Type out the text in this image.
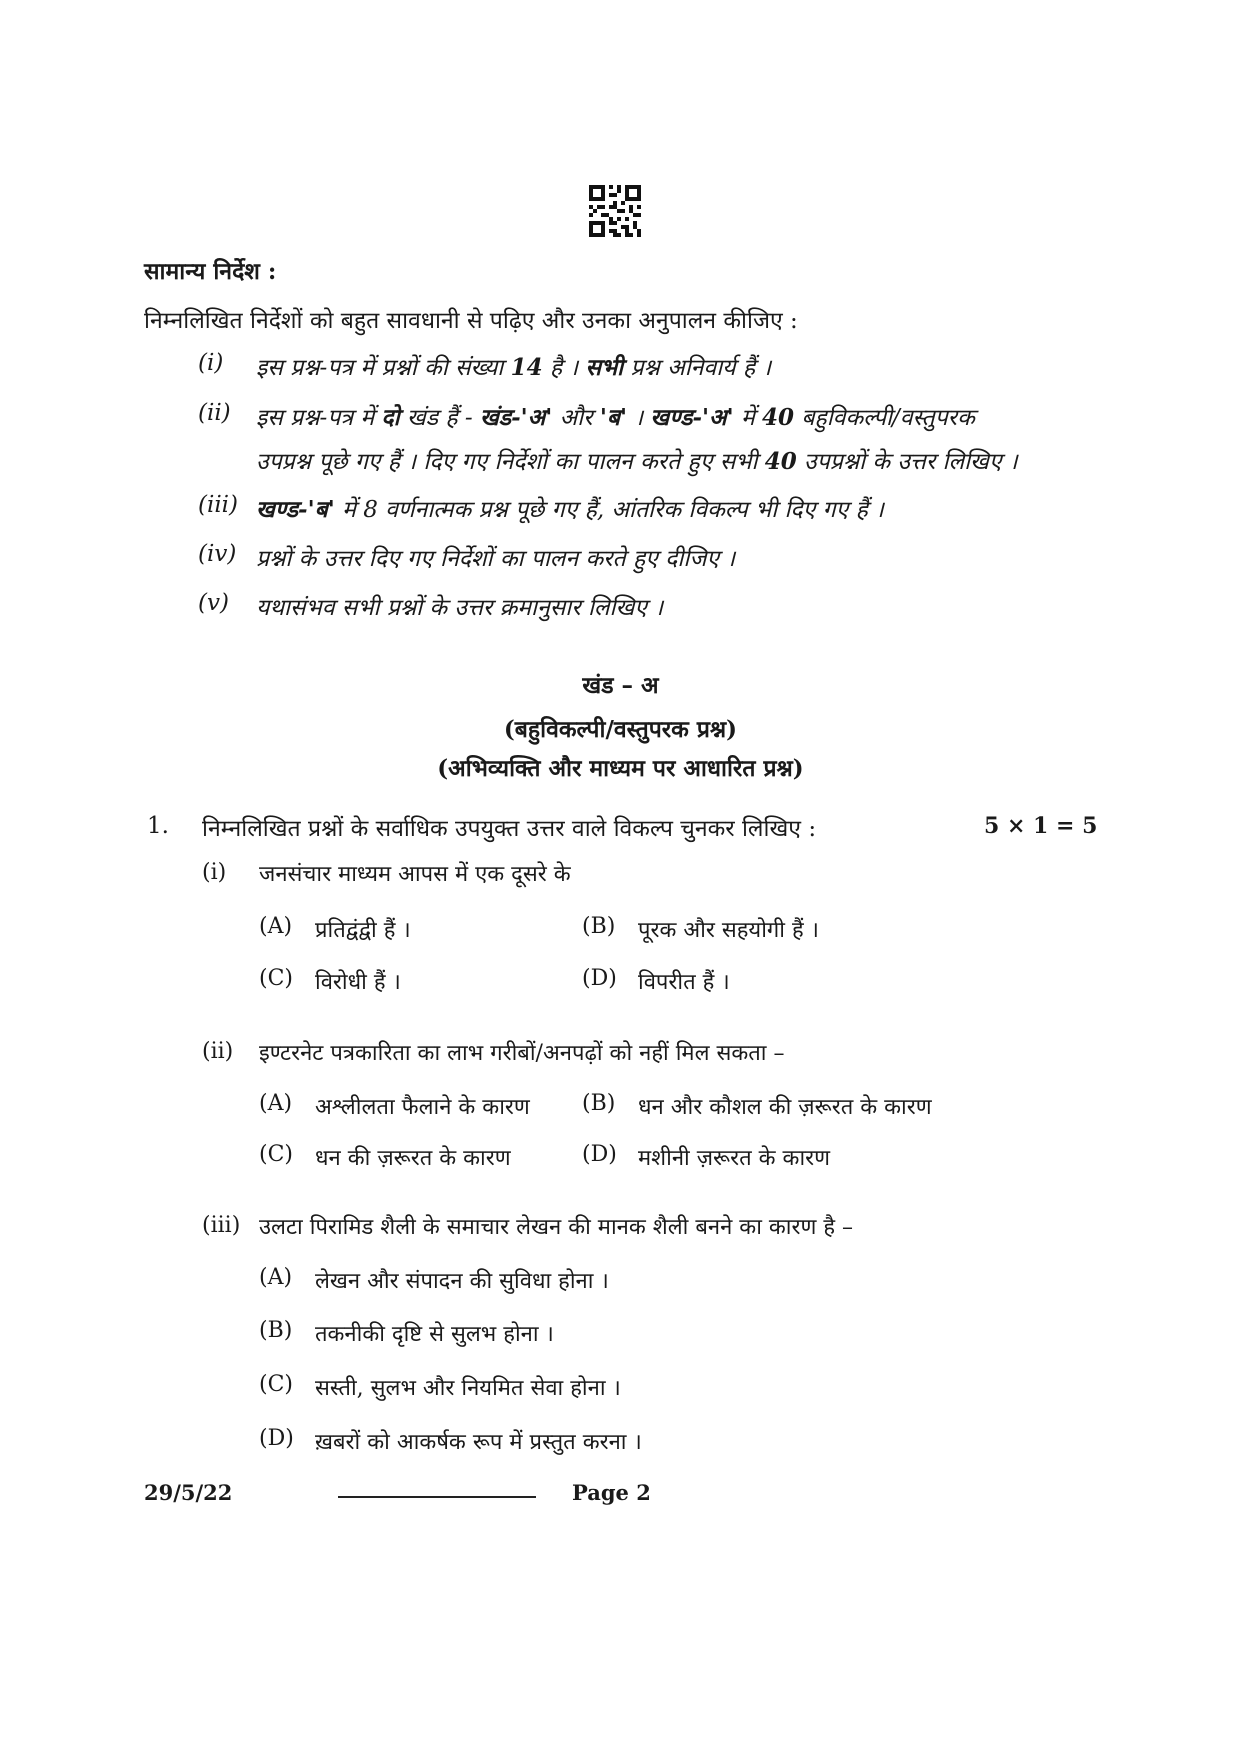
सामान्य निर्देश :
निम्नलिखित निर्देशों को बहुत सावधानी से पढ़िए और उनका अनुपालन कीजिए :
(i) इस प्रश्न-पत्र में प्रश्नों की संख्या 14 है । सभी प्रश्न अनिवार्य हैं ।
(ii) इस प्रश्न-पत्र में दो खंड हैं - खंड-'अ' और 'ब' । खण्ड-'अ' में 40 बहुविकल्पी/वस्तुपरक
उपप्रश्न पूछे गए हैं । दिए गए निर्देशों का पालन करते हुए सभी 40 उपप्रश्नों के उत्तर लिखिए ।
(iii) खण्ड-'ब' में 8 वर्णनात्मक प्रश्न पूछे गए हैं, आंतरिक विकल्प भी दिए गए हैं ।
(iv) प्रश्नों के उत्तर दिए गए निर्देशों का पालन करते हुए दीजिए ।
(v) यथासंभव सभी प्रश्नों के उत्तर क्रमानुसार लिखिए ।
खंड – अ
(बहुविकल्पी/वस्तुपरक प्रश्न)
(अभिव्यक्ति और माध्यम पर आधारित प्रश्न)
1. निम्नलिखित प्रश्नों के सर्वाधिक उपयुक्त उत्तर वाले विकल्प चुनकर लिखिए :	5 × 1 = 5
(i) जनसंचार माध्यम आपस में एक दूसरे के
(A) प्रतिद्वंद्वी हैं ।	(B) पूरक और सहयोगी हैं ।
(C) विरोधी हैं ।	(D) विपरीत हैं ।
(ii) इण्टरनेट पत्रकारिता का लाभ गरीबों/अनपढ़ों को नहीं मिल सकता –
(A) अश्लीलता फैलाने के कारण (B) धन और कौशल की ज़रूरत के कारण
(C) धन की ज़रूरत के कारण	(D) मशीनी ज़रूरत के कारण
(iii) उलटा पिरामिड शैली के समाचार लेखन की मानक शैली बनने का कारण है –
(A) लेखन और संपादन की सुविधा होना ।
(B) तकनीकी दृष्टि से सुलभ होना ।
(C) सस्ती, सुलभ और नियमित सेवा होना ।
(D) ख़बरों को आकर्षक रूप में प्रस्तुत करना ।
29/5/22	Page 2
